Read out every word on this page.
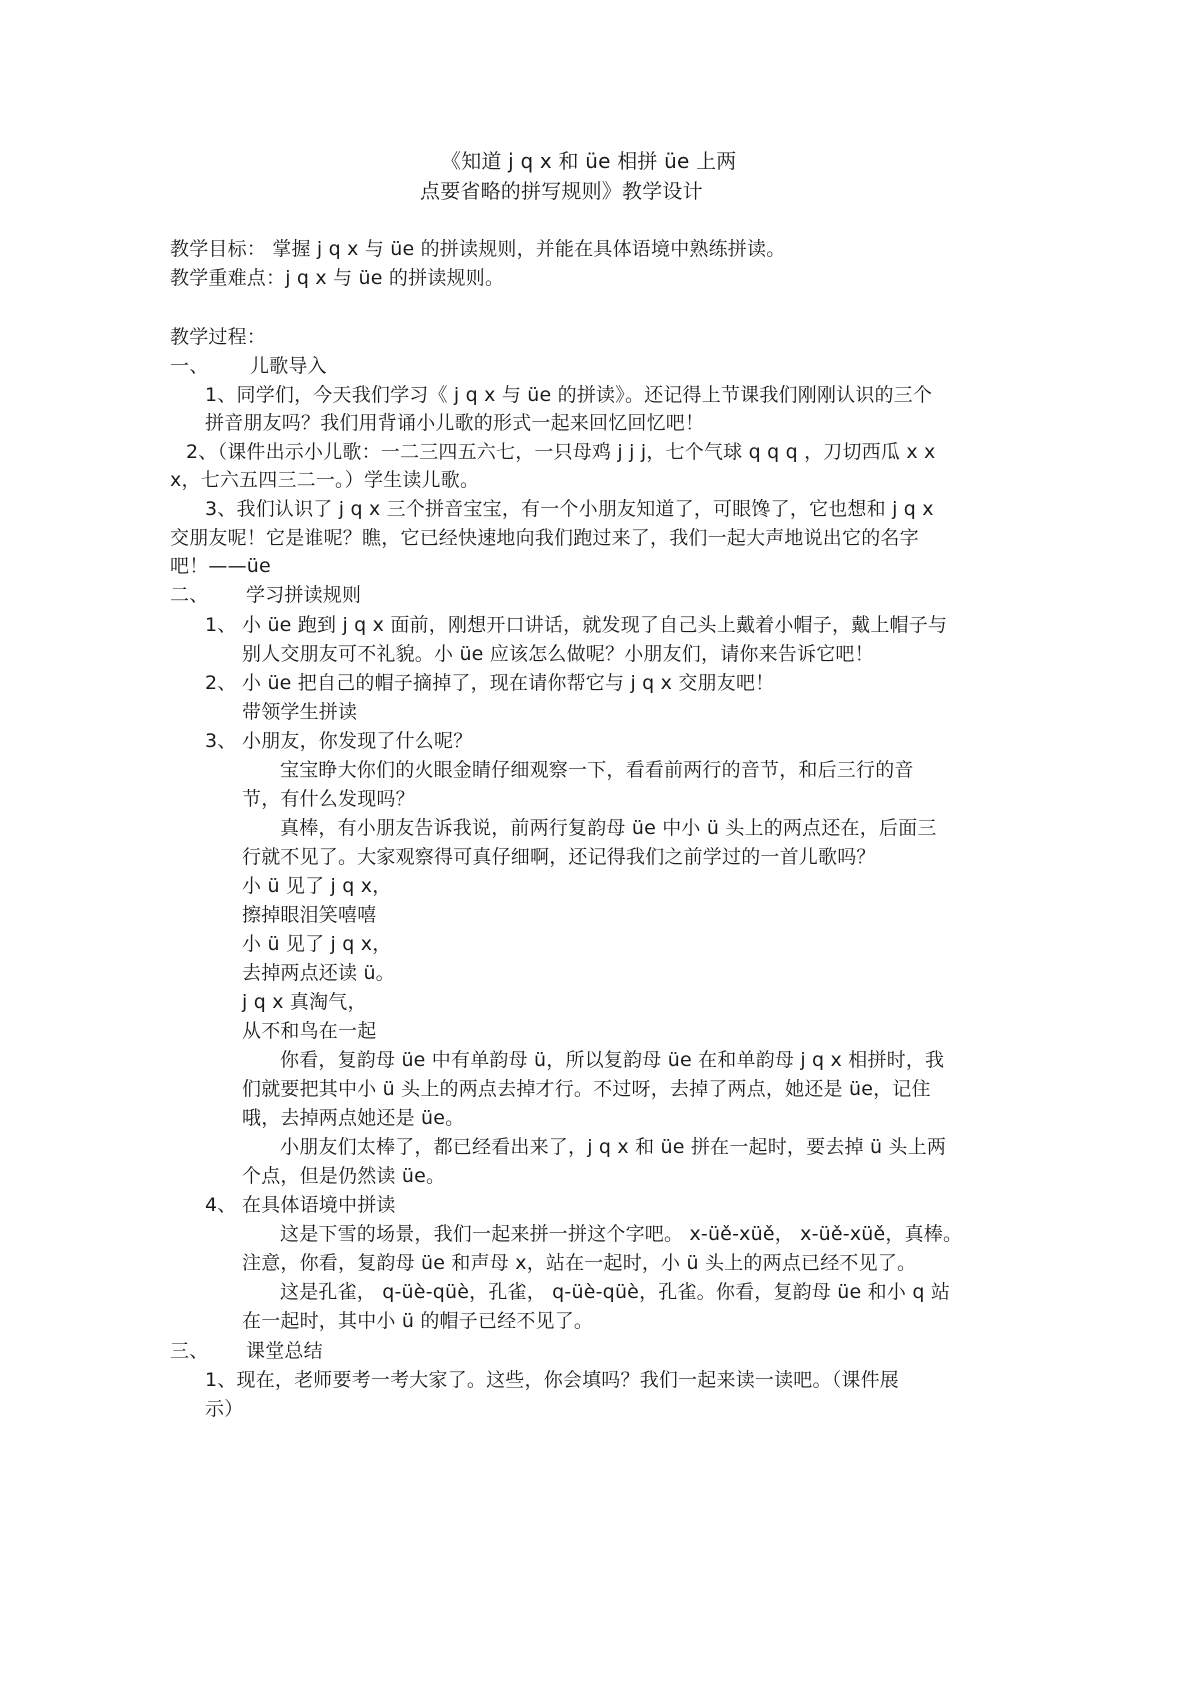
《知道 j q x 和 üe 相拼 üe 上两
点要省略的拼写规则》教学设计
教学目标： 掌握 j q x 与 üe 的拼读规则，并能在具体语境中熟练拼读。
教学重难点：j q x 与 üe 的拼读规则。
教学过程：
一、 儿歌导入
1、同学们，今天我们学习《 j q x 与 üe 的拼读》。还记得上节课我们刚刚认识的三个
拼音朋友吗？我们用背诵小儿歌的形式一起来回忆回忆吧！
2、（课件出示小儿歌：一二三四五六七，一只母鸡 j j j，七个气球 q q q ，刀切西瓜 x x
x，七六五四三二一。）学生读儿歌。
3、我们认识了 j q x 三个拼音宝宝，有一个小朋友知道了，可眼馋了，它也想和 j q x
交朋友呢！它是谁呢？瞧，它已经快速地向我们跑过来了，我们一起大声地说出它的名字
吧！——üe
二、 学习拼读规则
1、 小 üe 跑到 j q x 面前，刚想开口讲话，就发现了自己头上戴着小帽子，戴上帽子与
别人交朋友可不礼貌。小 üe 应该怎么做呢？小朋友们，请你来告诉它吧！
2、 小 üe 把自己的帽子摘掉了，现在请你帮它与 j q x 交朋友吧！
带领学生拼读
3、 小朋友，你发现了什么呢？
宝宝睁大你们的火眼金睛仔细观察一下，看看前两行的音节，和后三行的音
节，有什么发现吗？
真棒，有小朋友告诉我说，前两行复韵母 üe 中小 ü 头上的两点还在，后面三
行就不见了。大家观察得可真仔细啊，还记得我们之前学过的一首儿歌吗？
小 ü 见了 j q x，
擦掉眼泪笑嘻嘻
小 ü 见了 j q x，
去掉两点还读 ü。
j q x 真淘气，
从不和鸟在一起
你看，复韵母 üe 中有单韵母 ü，所以复韵母 üe 在和单韵母 j q x 相拼时，我
们就要把其中小 ü 头上的两点去掉才行。不过呀，去掉了两点，她还是 üe，记住
哦，去掉两点她还是 üe。
小朋友们太棒了，都已经看出来了，j q x 和 üe 拼在一起时，要去掉 ü 头上两
个点，但是仍然读 üe。
4、 在具体语境中拼读
这是下雪的场景，我们一起来拼一拼这个字吧。 x-üě-xüě， x-üě-xüě，真棒。
注意，你看，复韵母 üe 和声母 x，站在一起时，小 ü 头上的两点已经不见了。
这是孔雀， q-üè-qüè，孔雀， q-üè-qüè，孔雀。你看，复韵母 üe 和小 q 站
在一起时，其中小 ü 的帽子已经不见了。
三、 课堂总结
1、现在，老师要考一考大家了。这些，你会填吗？我们一起来读一读吧。（课件展
示）
